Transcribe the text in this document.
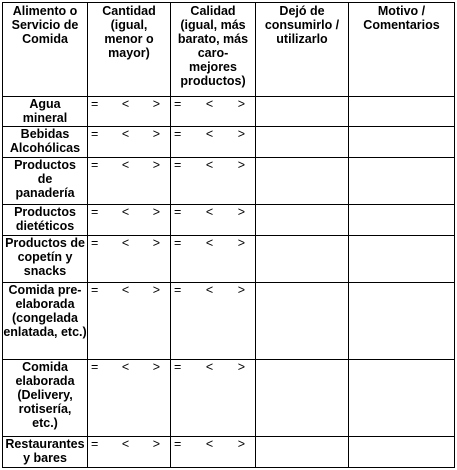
Alimento o Servicio de Comida	Cantidad (igual, menor o mayor)	Calidad (igual, más barato, más caro-mejores productos)	Dejó de consumirlo / utilizarlo	Motivo / Comentarios
Agua mineral	= < >	= < >		

Bebidas Alcohólicas	= < >	= < >		

Productos de panadería	= < >	= < >		

Productos dietéticos	= < >	= < >		

Productos de copetín y snacks	= < >	= < >		

Comida pre-elaborada (congelada enlatada, etc.)	= < >	= < >		

Comida elaborada (Delivery, rotisería, etc.)	= < >	= < >		

Restaurantes y bares	= < >	= < >		
